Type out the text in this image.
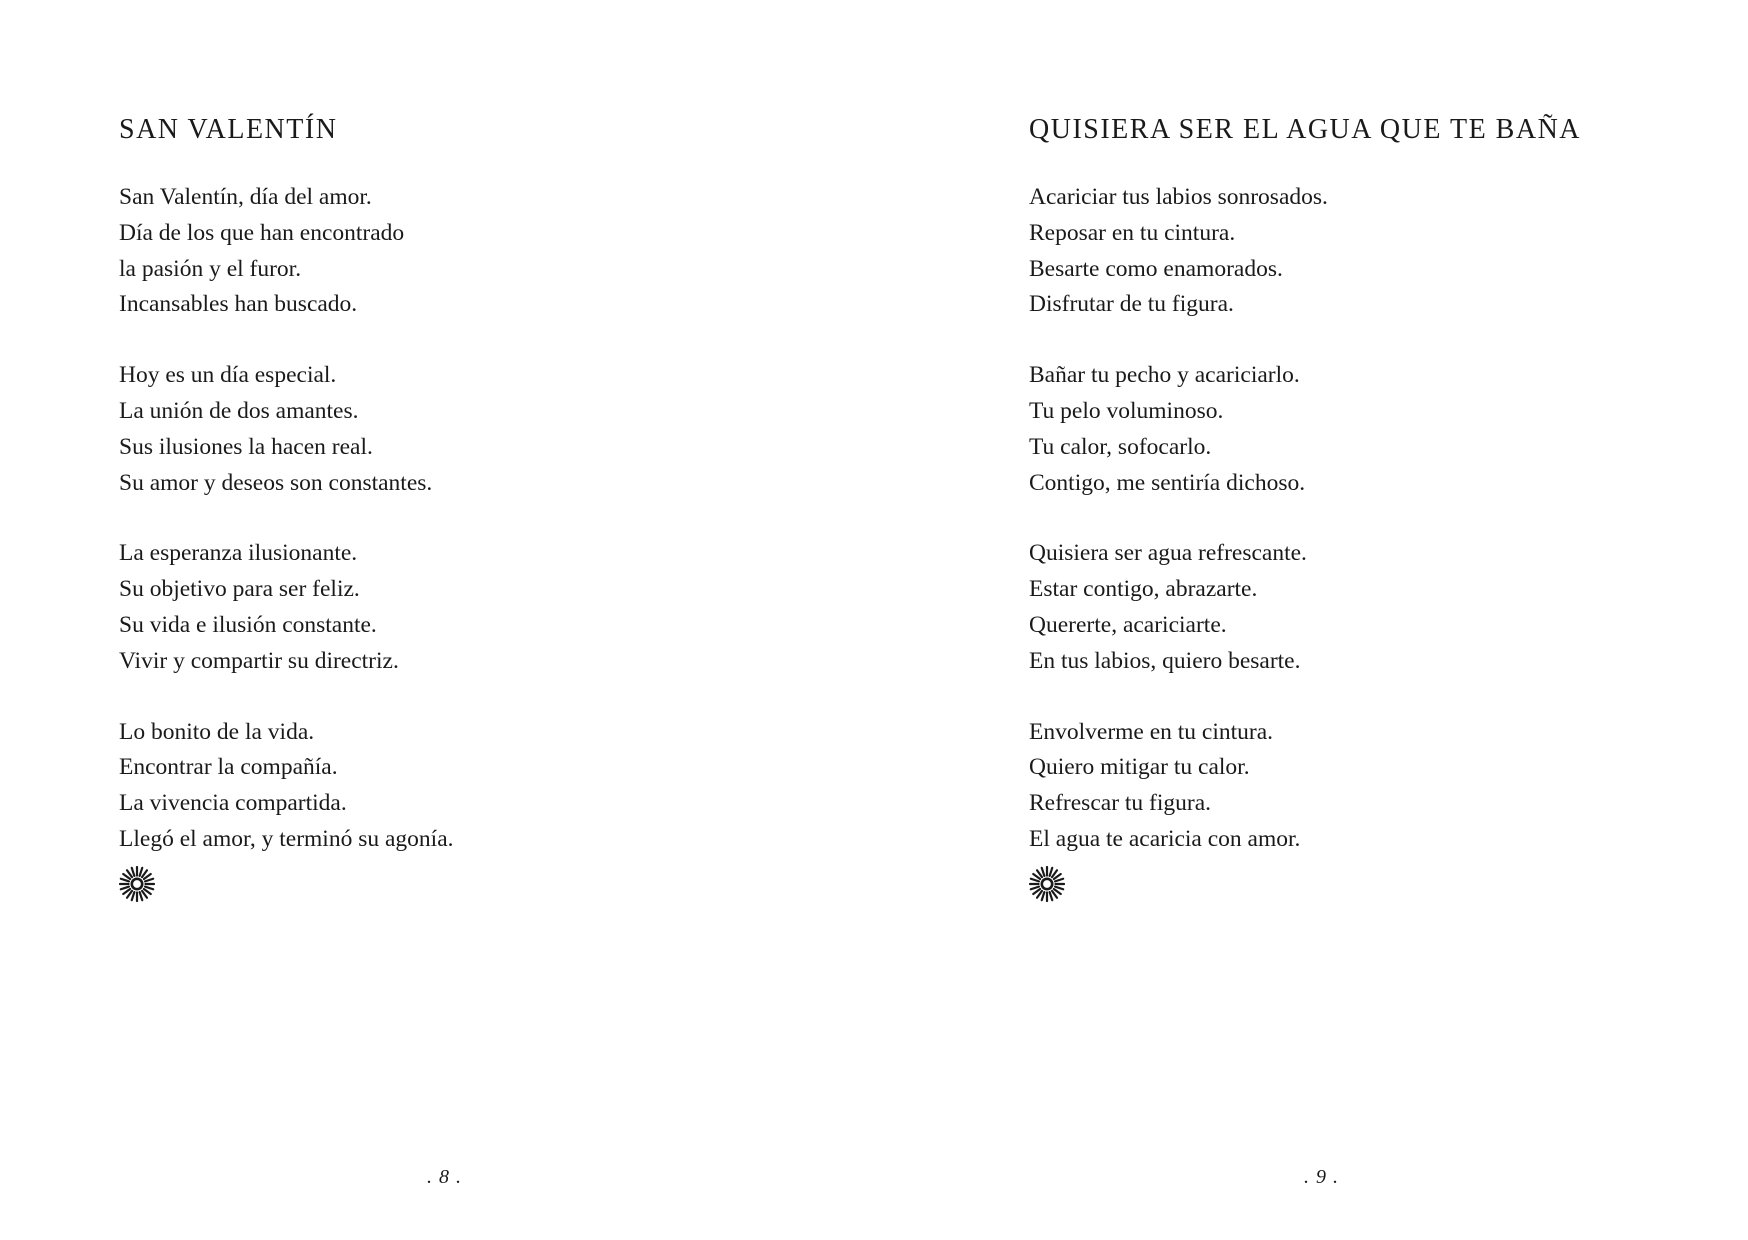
SAN VALENTÍN
San Valentín, día del amor.
Día de los que han encontrado
la pasión y el furor.
Incansables han buscado.
Hoy es un día especial.
La unión de dos amantes.
Sus ilusiones la hacen real.
Su amor y deseos son constantes.
La esperanza ilusionante.
Su objetivo para ser feliz.
Su vida e ilusión constante.
Vivir y compartir su directriz.
Lo bonito de la vida.
Encontrar la compañía.
La vivencia compartida.
Llegó el amor, y terminó su agonía.
. 8 .
QUISIERA SER EL AGUA QUE TE BAÑA
Acariciar tus labios sonrosados.
Reposar en tu cintura.
Besarte como enamorados.
Disfrutar de tu figura.
Bañar tu pecho y acariciarlo.
Tu pelo voluminoso.
Tu calor, sofocarlo.
Contigo, me sentiría dichoso.
Quisiera ser agua refrescante.
Estar contigo, abrazarte.
Quererte, acariciarte.
En tus labios, quiero besarte.
Envolverme en tu cintura.
Quiero mitigar tu calor.
Refrescar tu figura.
El agua te acaricia con amor.
. 9 .
